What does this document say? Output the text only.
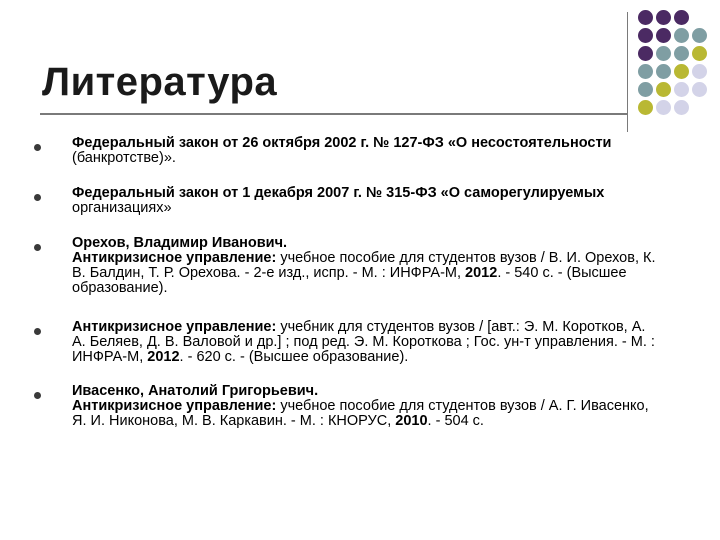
Литература
Федеральный закон от 26 октября 2002 г. № 127-ФЗ «О несостоятельности
(банкротстве)».
Федеральный закон от 1 декабря 2007 г. № 315-ФЗ «О саморегулируемых
организациях»
Орехов, Владимир Иванович.
Антикризисное управление: учебное пособие для студентов вузов / В. И. Орехов, К.
В. Балдин, Т. Р. Орехова. - 2-е изд., испр. - М. : ИНФРА-М, 2012. - 540 с. - (Высшее
образование).
Антикризисное управление: учебник для студентов вузов / [авт.: Э. М. Коротков, А.
А. Беляев, Д. В. Валовой и др.] ; под ред. Э. М. Короткова ; Гос. ун-т управления. - М. :
ИНФРА-М, 2012. - 620 с. - (Высшее образование).
Ивасенко, Анатолий Григорьевич.
Антикризисное управление: учебное пособие для студентов вузов / А. Г. Ивасенко,
Я. И. Никонова, М. В. Каркавин. - М. : КНОРУС, 2010. - 504 с.
